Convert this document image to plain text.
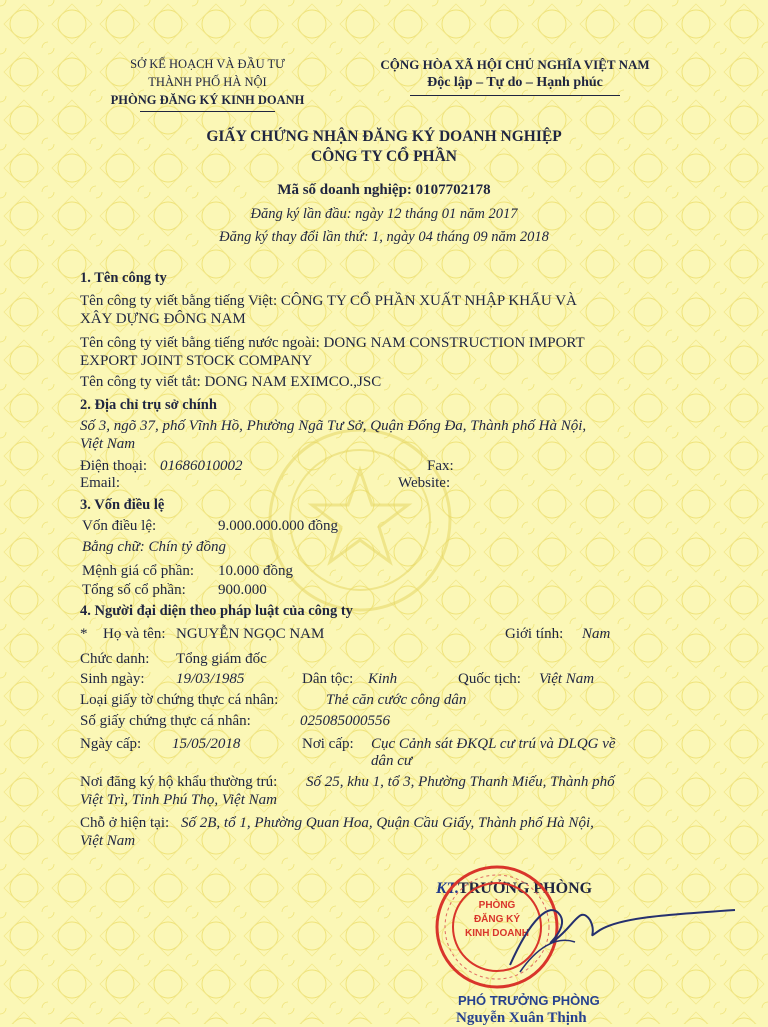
SỞ KẾ HOẠCH VÀ ĐẦU TƯ
THÀNH PHỐ HÀ NỘI
PHÒNG ĐĂNG KÝ KINH DOANH
CỘNG HÒA XÃ HỘI CHỦ NGHĨA VIỆT NAM
Độc lập – Tự do – Hạnh phúc
GIẤY CHỨNG NHẬN ĐĂNG KÝ DOANH NGHIỆP
CÔNG TY CỔ PHẦN
Mã số doanh nghiệp: 0107702178
Đăng ký lần đầu: ngày 12 tháng 01 năm 2017
Đăng ký thay đổi lần thứ: 1, ngày 04 tháng 09 năm 2018
1. Tên công ty
Tên công ty viết bằng tiếng Việt: CÔNG TY CỔ PHẦN XUẤT NHẬP KHẨU VÀ
XÂY DỰNG ĐÔNG NAM
Tên công ty viết bằng tiếng nước ngoài: DONG NAM CONSTRUCTION IMPORT
EXPORT JOINT STOCK COMPANY
Tên công ty viết tắt: DONG NAM EXIMCO.,JSC
2. Địa chỉ trụ sở chính
Số 3, ngõ 37, phố Vĩnh Hồ, Phường Ngã Tư Sở, Quận Đống Đa, Thành phố Hà Nội,
Việt Nam
Điện thoại: 01686010002	Fax:
Email:	Website:
3. Vốn điều lệ
Vốn điều lệ:	9.000.000.000 đồng
Bằng chữ: Chín tỷ đồng
Mệnh giá cổ phần: 10.000 đồng
Tổng số cổ phần: 900.000
4. Người đại diện theo pháp luật của công ty
* Họ và tên: NGUYỄN NGỌC NAM	Giới tính: Nam
Chức danh: Tổng giám đốc
Sinh ngày: 19/03/1985	Dân tộc: Kinh	Quốc tịch: Việt Nam
Loại giấy tờ chứng thực cá nhân:	Thẻ căn cước công dân
Số giấy chứng thực cá nhân:	025085000556
Ngày cấp: 15/05/2018	Nơi cấp: Cục Cảnh sát ĐKQL cư trú và DLQG về
dân cư
Nơi đăng ký hộ khẩu thường trú: Số 25, khu 1, tổ 3, Phường Thanh Miếu, Thành phố
Việt Trì, Tỉnh Phú Thọ, Việt Nam
Chỗ ở hiện tại: Số 2B, tổ 1, Phường Quan Hoa, Quận Cầu Giấy, Thành phố Hà Nội,
Việt Nam
KT. TRƯỞNG PHÒNG
PHÒNG
ĐĂNG KÝ
KINH DOANH
PHÓ TRƯỞNG PHÒNG
Nguyễn Xuân Thịnh
